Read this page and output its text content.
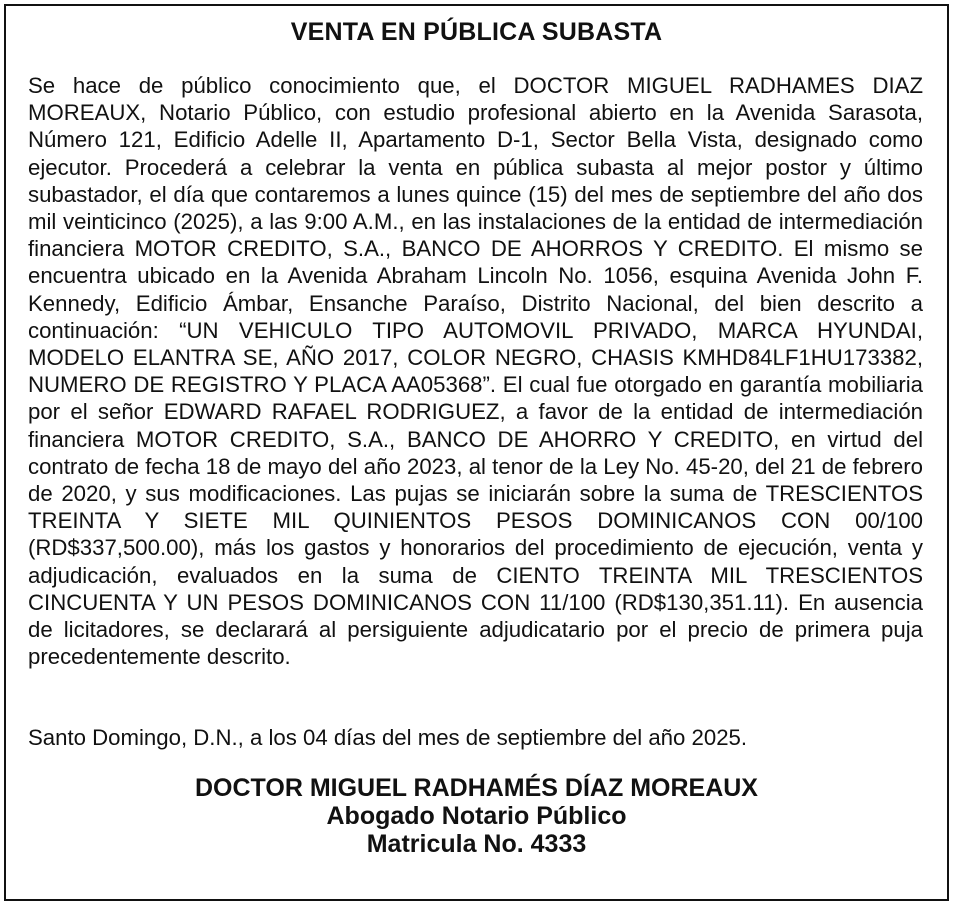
VENTA EN PÚBLICA SUBASTA

Se hace de público conocimiento que, el DOCTOR MIGUEL RADHAMES DIAZ MOREAUX, Notario Público, con estudio profesional abierto en la Avenida Sarasota, Número 121, Edificio Adelle II, Apartamento D-1, Sector Bella Vista, designado como ejecutor. Procederá a celebrar la venta en pública subasta al mejor postor y último subastador, el día que contaremos a lunes quince (15) del mes de septiembre del año dos mil veinticinco (2025), a las 9:00 A.M., en las instalaciones de la entidad de intermediación financiera MOTOR CREDITO, S.A., BANCO DE AHORROS Y CREDITO. El mismo se encuentra ubicado en la Avenida Abraham Lincoln No. 1056, esquina Avenida John F. Kennedy, Edificio Ámbar, Ensanche Paraíso, Distrito Nacional, del bien descrito a continuación: “UN VEHICULO TIPO AUTOMOVIL PRIVADO, MARCA HYUNDAI, MODELO ELANTRA SE, AÑO 2017, COLOR NEGRO, CHASIS KMHD84LF1HU173382, NUMERO DE REGISTRO Y PLACA AA05368”. El cual fue otorgado en garantía mobiliaria por el señor EDWARD RAFAEL RODRIGUEZ, a favor de la entidad de intermediación financiera MOTOR CREDITO, S.A., BANCO DE AHORRO Y CREDITO, en virtud del contrato de fecha 18 de mayo del año 2023, al tenor de la Ley No. 45-20, del 21 de febrero de 2020, y sus modificaciones. Las pujas se iniciarán sobre la suma de TRESCIENTOS TREINTA Y SIETE MIL QUINIENTOS PESOS DOMINICANOS CON 00/100 (RD$337,500.00), más los gastos y honorarios del procedimiento de ejecución, venta y adjudicación, evaluados en la suma de CIENTO TREINTA MIL TRESCIENTOS CINCUENTA Y UN PESOS DOMINICANOS CON 11/100 (RD$130,351.11). En ausencia de licitadores, se declarará al persiguiente adjudicatario por el precio de primera puja precedentemente descrito.

Santo Domingo, D.N., a los 04 días del mes de septiembre del año 2025.
DOCTOR MIGUEL RADHAMÉS DÍAZ MOREAUX
Abogado Notario Público
Matricula No. 4333
